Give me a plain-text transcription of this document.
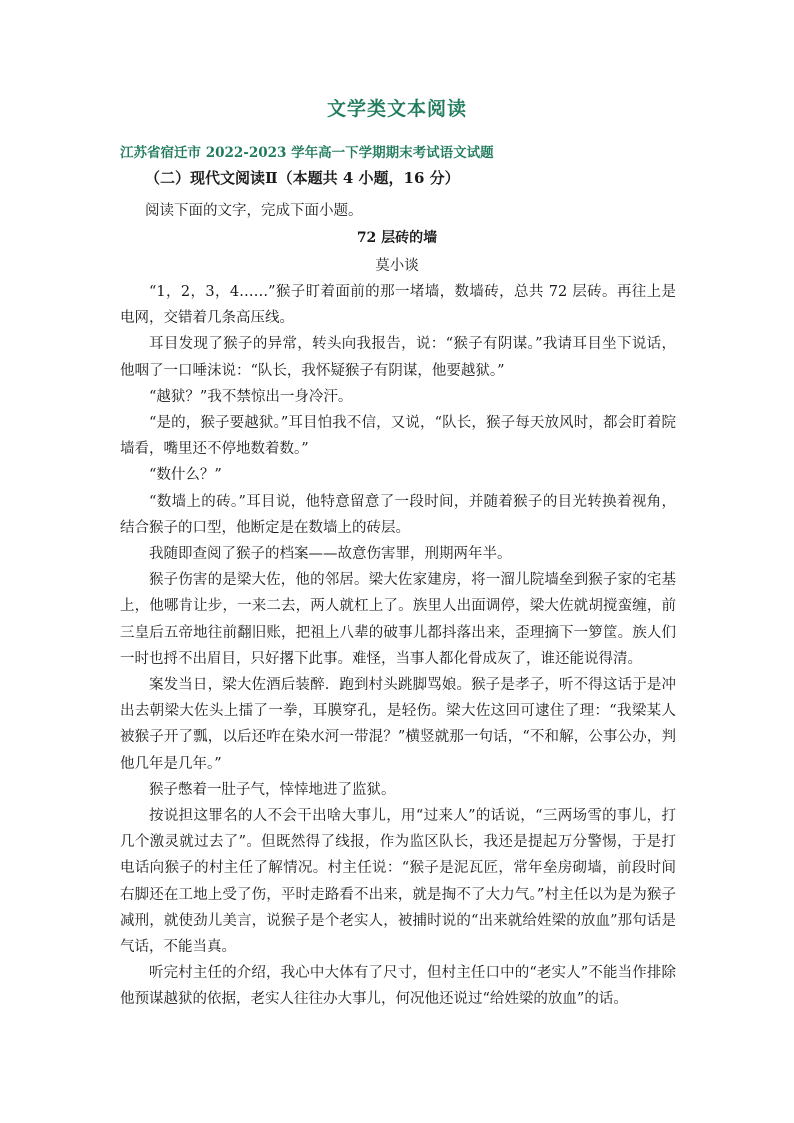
文学类文本阅读
江苏省宿迁市 2022-2023 学年高一下学期期末考试语文试题
（二）现代文阅读Ⅱ（本题共 4 小题，16 分）
阅读下面的文字，完成下面小题。
72 层砖的墙
莫小谈

“1，2，3，4……”猴子盯着面前的那一堵墙，数墙砖，总共 72 层砖。再往上是电网，交错着几条高压线。

耳目发现了猴子的异常，转头向我报告，说：“猴子有阴谋。”我请耳目坐下说话，他咽了一口唾沫说：“队长，我怀疑猴子有阴谋，他要越狱。”

“越狱？”我不禁惊出一身冷汗。

“是的，猴子要越狱。”耳目怕我不信，又说，“队长，猴子每天放风时，都会盯着院墙看，嘴里还不停地数着数。”

“数什么？”

“数墙上的砖。”耳目说，他特意留意了一段时间，并随着猴子的目光转换着视角，结合猴子的口型，他断定是在数墙上的砖层。

我随即查阅了猴子的档案——故意伤害罪，刑期两年半。

猴子伤害的是梁大佐，他的邻居。梁大佐家建房，将一溜儿院墙垒到猴子家的宅基上，他哪肯让步，一来二去，两人就杠上了。族里人出面调停，梁大佐就胡搅蛮缠，前三皇后五帝地往前翻旧账，把祖上八辈的破事儿都抖落出来，歪理摘下一箩筐。族人们一时也捋不出眉目，只好撂下此事。难怪，当事人都化骨成灰了，谁还能说得清。

案发当日，梁大佐酒后装醉．跑到村头跳脚骂娘。猴子是孝子，听不得这话于是冲出去朝梁大佐头上擂了一拳，耳膜穿孔，是轻伤。梁大佐这回可逮住了理：“我梁某人被猴子开了瓢，以后还咋在染水河一带混？”横竖就那一句话，“不和解，公事公办，判他几年是几年。”

猴子憋着一肚子气，悻悻地进了监狱。

按说担这罪名的人不会干出啥大事儿，用“过来人”的话说，“三两场雪的事儿，打几个激灵就过去了”。但既然得了线报，作为监区队长，我还是提起万分警惕，于是打电话向猴子的村主任了解情况。村主任说：“猴子是泥瓦匠，常年垒房砌墙，前段时间右脚还在工地上受了伤，平时走路看不出来，就是掏不了大力气。”村主任以为是为猴子减刑，就使劲儿美言，说猴子是个老实人，被捕时说的“出来就给姓梁的放血”那句话是气话，不能当真。

听完村主任的介绍，我心中大体有了尺寸，但村主任口中的“老实人”不能当作排除他预谋越狱的依据，老实人往往办大事儿，何况他还说过“给姓梁的放血”的话。
